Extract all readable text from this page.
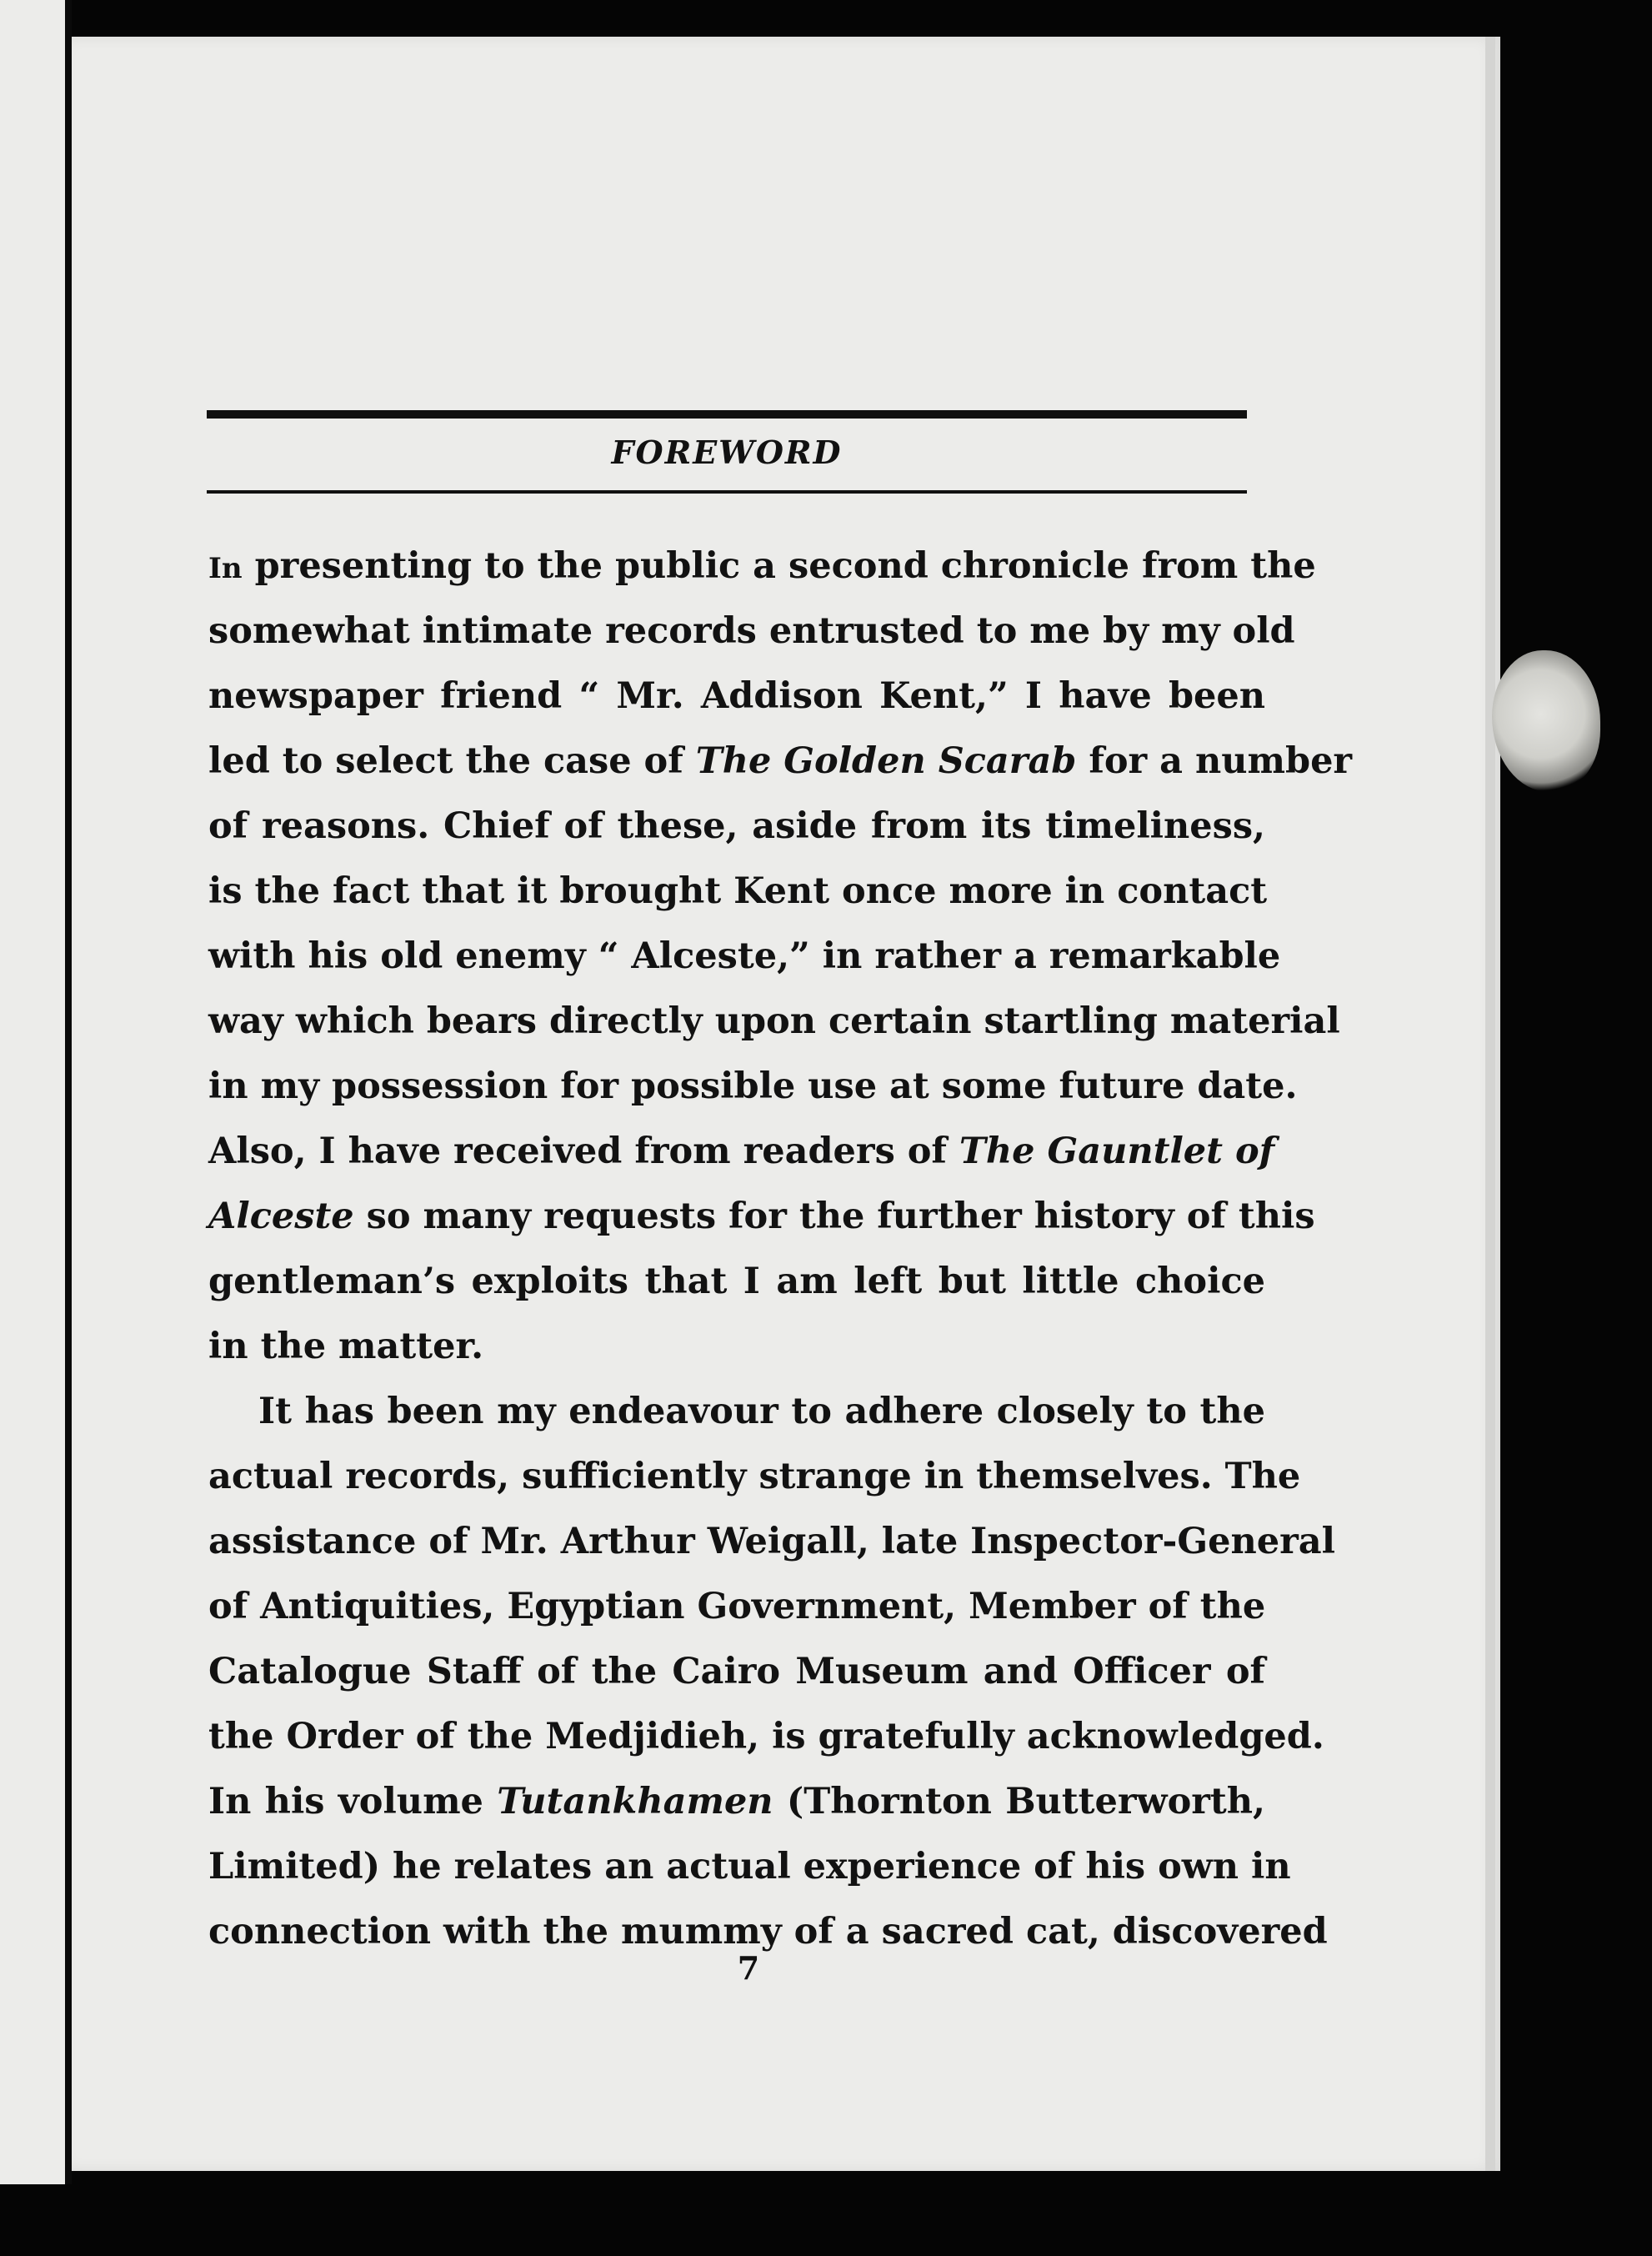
FOREWORD
In presenting to the public a second chronicle from the
somewhat intimate records entrusted to me by my old
newspaper friend “ Mr. Addison Kent,” I have been
led to select the case of The Golden Scarab for a number
of reasons. Chief of these, aside from its timeliness,
is the fact that it brought Kent once more in contact
with his old enemy “ Alceste,” in rather a remarkable
way which bears directly upon certain startling material
in my possession for possible use at some future date.
Also, I have received from readers of The Gauntlet of
Alceste so many requests for the further history of this
gentleman’s exploits that I am left but little choice
in the matter.
It has been my endeavour to adhere closely to the
actual records, sufficiently strange in themselves. The
assistance of Mr. Arthur Weigall, late Inspector-General
of Antiquities, Egyptian Government, Member of the
Catalogue Staff of the Cairo Museum and Officer of
the Order of the Medjidieh, is gratefully acknowledged.
In his volume Tutankhamen (Thornton Butterworth,
Limited) he relates an actual experience of his own in
connection with the mummy of a sacred cat, discovered
7
